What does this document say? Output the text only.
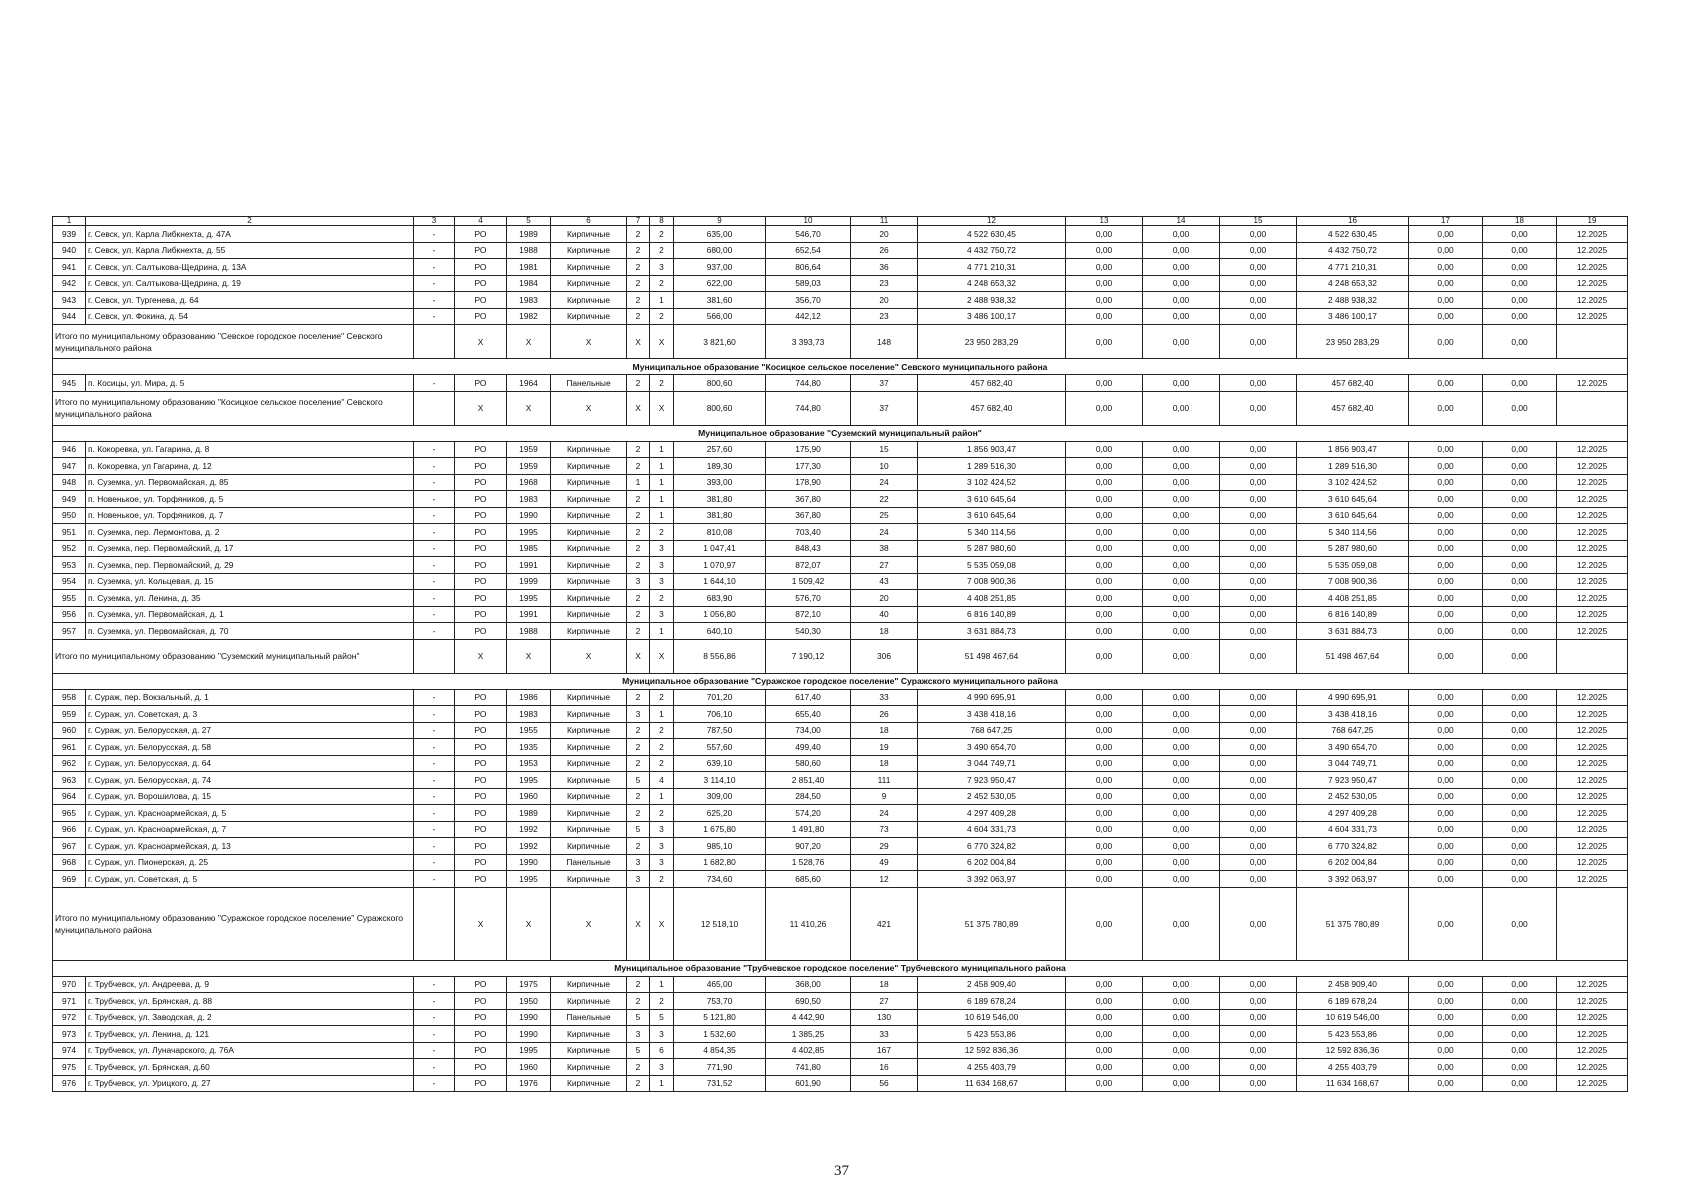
1	2	3	4	5	6	7	8	9	10	11	12	13	14	15	16	17	18	19
939	г. Севск, ул. Карла Либкнехта, д. 47А	-	РО	1989	Кирпичные	2	2	635,00	546,70	20	4 522 630,45	0,00	0,00	0,00	4 522 630,45	0,00	0,00	12.2025
940	г. Севск, ул. Карла Либкнехта, д. 55	-	РО	1988	Кирпичные	2	2	680,00	652,54	26	4 432 750,72	0,00	0,00	0,00	4 432 750,72	0,00	0,00	12.2025
941	г. Севск, ул. Салтыкова-Щедрина, д. 13А	-	РО	1981	Кирпичные	2	3	937,00	806,64	36	4 771 210,31	0,00	0,00	0,00	4 771 210,31	0,00	0,00	12.2025
942	г. Севск, ул. Салтыкова-Щедрина, д. 19	-	РО	1984	Кирпичные	2	2	622,00	589,03	23	4 248 653,32	0,00	0,00	0,00	4 248 653,32	0,00	0,00	12.2025
943	г. Севск, ул. Тургенева, д. 64	-	РО	1983	Кирпичные	2	1	381,60	356,70	20	2 488 938,32	0,00	0,00	0,00	2 488 938,32	0,00	0,00	12.2025
944	г. Севск, ул. Фокина, д. 54	-	РО	1982	Кирпичные	2	2	566,00	442,12	23	3 486 100,17	0,00	0,00	0,00	3 486 100,17	0,00	0,00	12.2025
Итого по муниципальному образованию "Севское городское поселение" Севского муниципального района			X	X	X	X	X	3 821,60	3 393,73	148	23 950 283,29	0,00	0,00	0,00	23 950 283,29	0,00	0,00	
Муниципальное образование "Косицкое сельское поселение" Севского муниципального района																		
945	п. Косицы, ул. Мира, д. 5	-	РО	1964	Панельные	2	2	800,60	744,80	37	457 682,40	0,00	0,00	0,00	457 682,40	0,00	0,00	12.2025
Итого по муниципальному образованию "Косицкое сельское поселение" Севского муниципального района			X	X	X	X	X	800,60	744,80	37	457 682,40	0,00	0,00	0,00	457 682,40	0,00	0,00	
Муниципальное образование "Суземский муниципальный район"																		
946	п. Кокоревка, ул. Гагарина, д. 8	-	РО	1959	Кирпичные	2	1	257,60	175,90	15	1 856 903,47	0,00	0,00	0,00	1 856 903,47	0,00	0,00	12.2025
947	п. Кокоревка, ул Гагарина, д. 12	-	РО	1959	Кирпичные	2	1	189,30	177,30	10	1 289 516,30	0,00	0,00	0,00	1 289 516,30	0,00	0,00	12.2025
948	п. Суземка, ул. Первомайская, д. 85	-	РО	1968	Кирпичные	1	1	393,00	178,90	24	3 102 424,52	0,00	0,00	0,00	3 102 424,52	0,00	0,00	12.2025
949	п. Новенькое, ул. Торфяников, д. 5	-	РО	1983	Кирпичные	2	1	381,80	367,80	22	3 610 645,64	0,00	0,00	0,00	3 610 645,64	0,00	0,00	12.2025
950	п. Новенькое, ул. Торфяников, д. 7	-	РО	1990	Кирпичные	2	1	381,80	367,80	25	3 610 645,64	0,00	0,00	0,00	3 610 645,64	0,00	0,00	12.2025
951	п. Суземка, пер. Лермонтова, д. 2	-	РО	1995	Кирпичные	2	2	810,08	703,40	24	5 340 114,56	0,00	0,00	0,00	5 340 114,56	0,00	0,00	12.2025
952	п. Суземка, пер. Первомайский, д. 17	-	РО	1985	Кирпичные	2	3	1 047,41	848,43	38	5 287 980,60	0,00	0,00	0,00	5 287 980,60	0,00	0,00	12.2025
953	п. Суземка, пер. Первомайский, д. 29	-	РО	1991	Кирпичные	2	3	1 070,97	872,07	27	5 535 059,08	0,00	0,00	0,00	5 535 059,08	0,00	0,00	12.2025
954	п. Суземка, ул. Кольцевая, д. 15	-	РО	1999	Кирпичные	3	3	1 644,10	1 509,42	43	7 008 900,36	0,00	0,00	0,00	7 008 900,36	0,00	0,00	12.2025
955	п. Суземка, ул. Ленина, д. 35	-	РО	1995	Кирпичные	2	2	683,90	576,70	20	4 408 251,85	0,00	0,00	0,00	4 408 251,85	0,00	0,00	12.2025
956	п. Суземка, ул. Первомайская, д. 1	-	РО	1991	Кирпичные	2	3	1 056,80	872,10	40	6 816 140,89	0,00	0,00	0,00	6 816 140,89	0,00	0,00	12.2025
957	п. Суземка, ул. Первомайская, д. 70	-	РО	1988	Кирпичные	2	1	640,10	540,30	18	3 631 884,73	0,00	0,00	0,00	3 631 884,73	0,00	0,00	12.2025
Итого по муниципальному образованию "Суземский муниципальный район"			X	X	X	X	X	8 556,86	7 190,12	306	51 498 467,64	0,00	0,00	0,00	51 498 467,64	0,00	0,00	
Муниципальное образование "Суражское городское поселение" Суражского муниципального района																		
958	г. Сураж, пер. Вокзальный, д. 1	-	РО	1986	Кирпичные	2	2	701,20	617,40	33	4 990 695,91	0,00	0,00	0,00	4 990 695,91	0,00	0,00	12.2025
959	г. Сураж, ул. Советская, д. 3	-	РО	1983	Кирпичные	3	1	706,10	655,40	26	3 438 418,16	0,00	0,00	0,00	3 438 418,16	0,00	0,00	12.2025
960	г. Сураж, ул. Белорусская, д. 27	-	РО	1955	Кирпичные	2	2	787,50	734,00	18	768 647,25	0,00	0,00	0,00	768 647,25	0,00	0,00	12.2025
961	г. Сураж, ул. Белорусская, д. 58	-	РО	1935	Кирпичные	2	2	557,60	499,40	19	3 490 654,70	0,00	0,00	0,00	3 490 654,70	0,00	0,00	12.2025
962	г. Сураж, ул. Белорусская, д. 64	-	РО	1953	Кирпичные	2	2	639,10	580,60	18	3 044 749,71	0,00	0,00	0,00	3 044 749,71	0,00	0,00	12.2025
963	г. Сураж, ул. Белорусская, д. 74	-	РО	1995	Кирпичные	5	4	3 114,10	2 851,40	111	7 923 950,47	0,00	0,00	0,00	7 923 950,47	0,00	0,00	12.2025
964	г. Сураж, ул. Ворошилова, д. 15	-	РО	1960	Кирпичные	2	1	309,00	284,50	9	2 452 530,05	0,00	0,00	0,00	2 452 530,05	0,00	0,00	12.2025
965	г. Сураж, ул. Красноармейская, д. 5	-	РО	1989	Кирпичные	2	2	625,20	574,20	24	4 297 409,28	0,00	0,00	0,00	4 297 409,28	0,00	0,00	12.2025
966	г. Сураж, ул. Красноармейская, д. 7	-	РО	1992	Кирпичные	5	3	1 675,80	1 491,80	73	4 604 331,73	0,00	0,00	0,00	4 604 331,73	0,00	0,00	12.2025
967	г. Сураж, ул. Красноармейская, д. 13	-	РО	1992	Кирпичные	2	3	985,10	907,20	29	6 770 324,82	0,00	0,00	0,00	6 770 324,82	0,00	0,00	12.2025
968	г. Сураж, ул. Пионерская, д. 25	-	РО	1990	Панельные	3	3	1 682,80	1 528,76	49	6 202 004,84	0,00	0,00	0,00	6 202 004,84	0,00	0,00	12.2025
969	г. Сураж, ул. Советская, д. 5	-	РО	1995	Кирпичные	3	2	734,60	685,60	12	3 392 063,97	0,00	0,00	0,00	3 392 063,97	0,00	0,00	12.2025
Итого по муниципальному образованию "Суражское городское поселение" Суражского муниципального района			X	X	X	X	X	12 518,10	11 410,26	421	51 375 780,89	0,00	0,00	0,00	51 375 780,89	0,00	0,00	
Муниципальное образование "Трубчевское городское поселение" Трубчевского муниципального района																		
970	г. Трубчевск, ул. Андреева, д. 9	-	РО	1975	Кирпичные	2	1	465,00	368,00	18	2 458 909,40	0,00	0,00	0,00	2 458 909,40	0,00	0,00	12.2025
971	г. Трубчевск, ул. Брянская, д. 88	-	РО	1950	Кирпичные	2	2	753,70	690,50	27	6 189 678,24	0,00	0,00	0,00	6 189 678,24	0,00	0,00	12.2025
972	г. Трубчевск, ул. Заводская, д. 2	-	РО	1990	Панельные	5	5	5 121,80	4 442,90	130	10 619 546,00	0,00	0,00	0,00	10 619 546,00	0,00	0,00	12.2025
973	г. Трубчевск, ул. Ленина, д. 121	-	РО	1990	Кирпичные	3	3	1 532,60	1 385,25	33	5 423 553,86	0,00	0,00	0,00	5 423 553,86	0,00	0,00	12.2025
974	г. Трубчевск, ул. Луначарского, д. 76А	-	РО	1995	Кирпичные	5	6	4 854,35	4 402,85	167	12 592 836,36	0,00	0,00	0,00	12 592 836,36	0,00	0,00	12.2025
975	г. Трубчевск, ул. Брянская, д.60	-	РО	1960	Кирпичные	2	3	771,90	741,80	16	4 255 403,79	0,00	0,00	0,00	4 255 403,79	0,00	0,00	12.2025
976	г. Трубчевск, ул. Урицкого, д. 27	-	РО	1976	Кирпичные	2	1	731,52	601,90	56	11 634 168,67	0,00	0,00	0,00	11 634 168,67	0,00	0,00	12.2025
37
